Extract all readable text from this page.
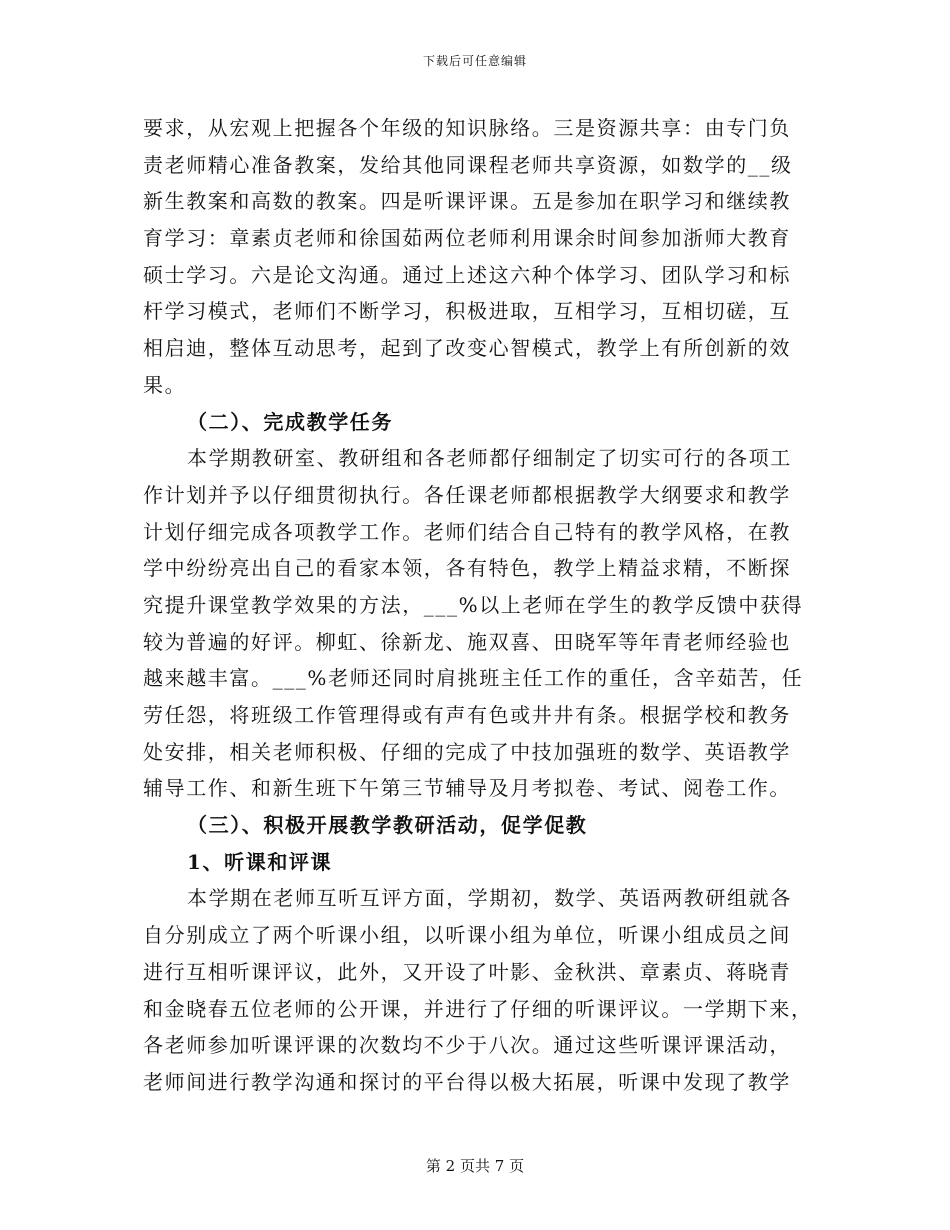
下载后可任意编辑
要求，从宏观上把握各个年级的知识脉络。三是资源共享：由专门负
责老师精心准备教案，发给其他同课程老师共享资源，如数学的__级
新生教案和高数的教案。四是听课评课。五是参加在职学习和继续教
育学习：章素贞老师和徐国茹两位老师利用课余时间参加浙师大教育
硕士学习。六是论文沟通。通过上述这六种个体学习、团队学习和标
杆学习模式，老师们不断学习，积极进取，互相学习，互相切磋，互
相启迪，整体互动思考，起到了改变心智模式，教学上有所创新的效
果。
（二）、完成教学任务
本学期教研室、教研组和各老师都仔细制定了切实可行的各项工
作计划并予以仔细贯彻执行。各任课老师都根据教学大纲要求和教学
计划仔细完成各项教学工作。老师们结合自己特有的教学风格，在教
学中纷纷亮出自己的看家本领，各有特色，教学上精益求精，不断探
究提升课堂教学效果的方法，___%以上老师在学生的教学反馈中获得
较为普遍的好评。柳虹、徐新龙、施双喜、田晓军等年青老师经验也
越来越丰富。___%老师还同时肩挑班主任工作的重任，含辛茹苦，任
劳任怨，将班级工作管理得或有声有色或井井有条。根据学校和教务
处安排，相关老师积极、仔细的完成了中技加强班的数学、英语教学
辅导工作、和新生班下午第三节辅导及月考拟卷、考试、阅卷工作。
（三）、积极开展教学教研活动，促学促教
1、听课和评课
本学期在老师互听互评方面，学期初，数学、英语两教研组就各
自分别成立了两个听课小组，以听课小组为单位，听课小组成员之间
进行互相听课评议，此外，又开设了叶影、金秋洪、章素贞、蒋晓青
和金晓春五位老师的公开课，并进行了仔细的听课评议。一学期下来，
各老师参加听课评课的次数均不少于八次。通过这些听课评课活动，
老师间进行教学沟通和探讨的平台得以极大拓展，听课中发现了教学
第 2 页共 7 页
